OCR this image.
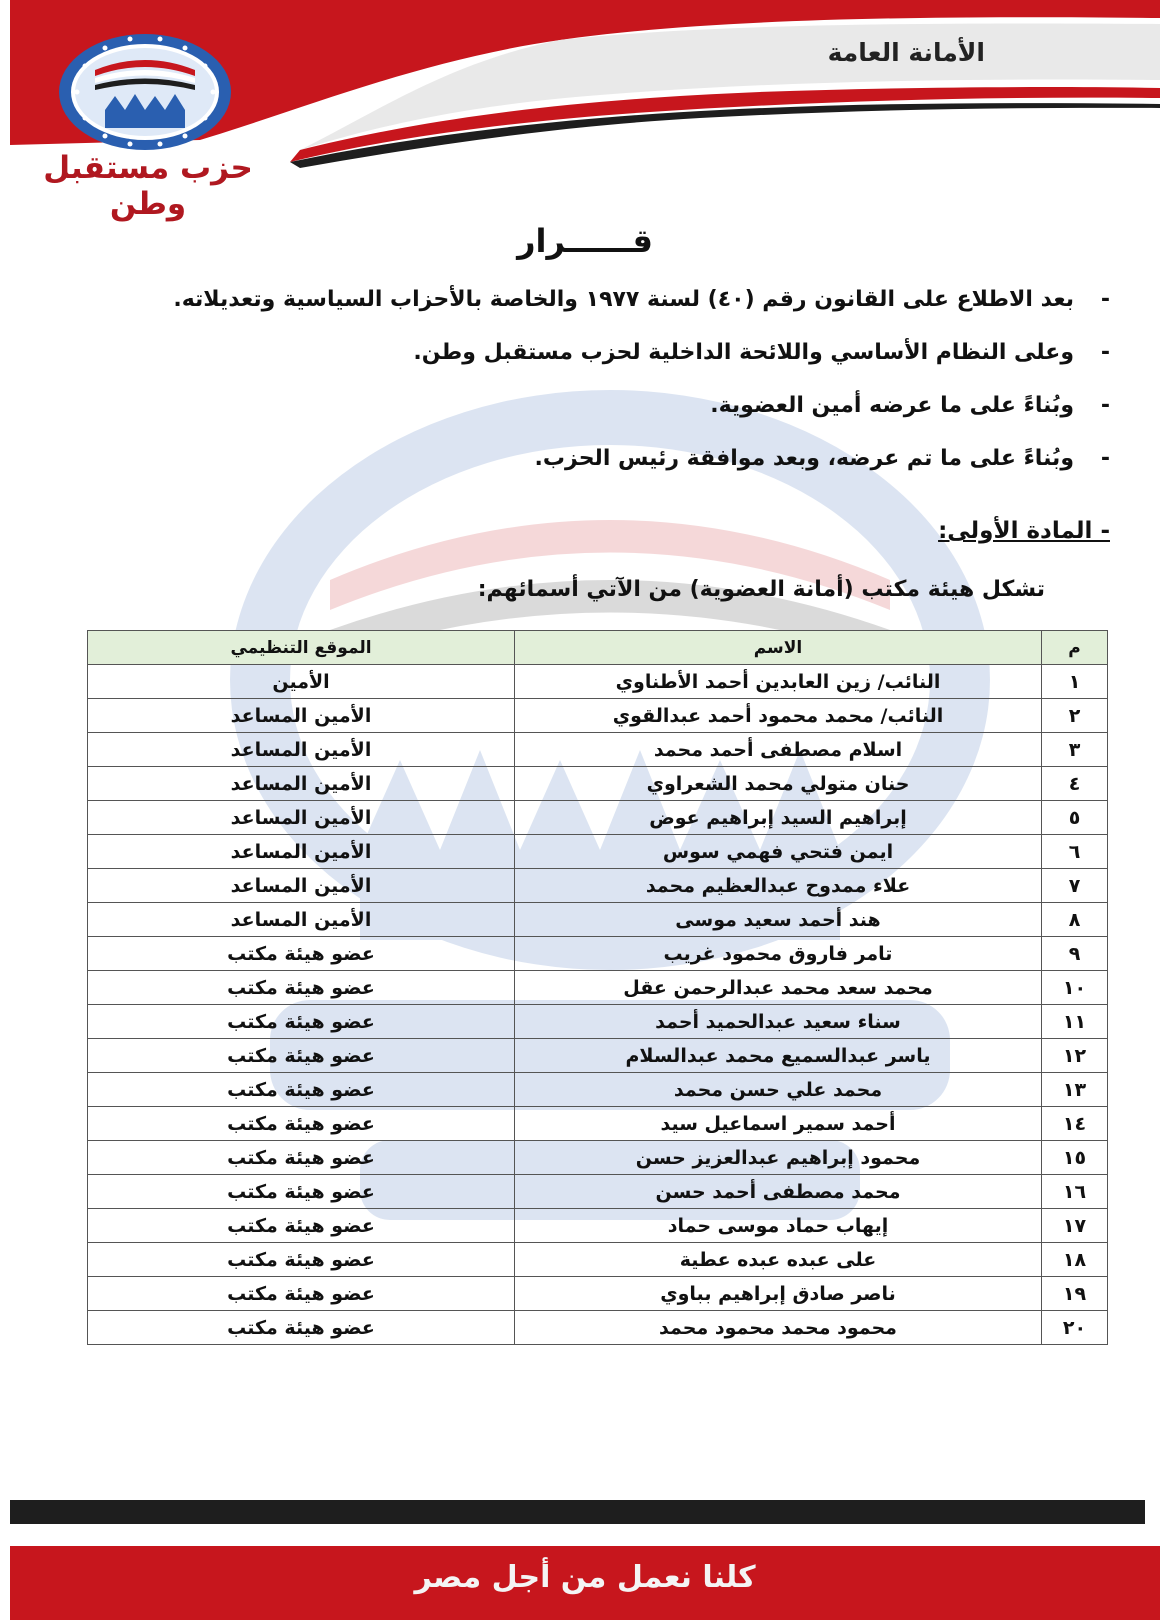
الأمانة العامة
حزب مستقبل وطن
قــــــرار
-بعد الاطلاع على القانون رقم (٤٠) لسنة ١٩٧٧ والخاصة بالأحزاب السياسية وتعديلاته.
-وعلى النظام الأساسي واللائحة الداخلية لحزب مستقبل وطن.
-وبُناءً على ما عرضه أمين العضوية.
-وبُناءً على ما تم عرضه، وبعد موافقة رئيس الحزب.
- المادة الأولى:
تشكل هيئة مكتب (أمانة العضوية) من الآتي أسمائهم:
م	الاسم	الموقع التنظيمي
١	النائب/ زين العابدين أحمد الأطناوي	الأمين
٢	النائب/ محمد محمود أحمد عبدالقوي	الأمين المساعد
٣	اسلام مصطفى أحمد محمد	الأمين المساعد
٤	حنان متولي محمد الشعراوي	الأمين المساعد
٥	إبراهيم السيد إبراهيم عوض	الأمين المساعد
٦	ايمن فتحي فهمي سوس	الأمين المساعد
٧	علاء ممدوح عبدالعظيم محمد	الأمين المساعد
٨	هند أحمد سعيد موسى	الأمين المساعد
٩	تامر فاروق محمود غريب	عضو هيئة مكتب
١٠	محمد سعد محمد عبدالرحمن عقل	عضو هيئة مكتب
١١	سناء سعيد عبدالحميد أحمد	عضو هيئة مكتب
١٢	ياسر عبدالسميع محمد عبدالسلام	عضو هيئة مكتب
١٣	محمد علي حسن محمد	عضو هيئة مكتب
١٤	أحمد سمير اسماعيل سيد	عضو هيئة مكتب
١٥	محمود إبراهيم عبدالعزيز حسن	عضو هيئة مكتب
١٦	محمد مصطفى أحمد حسن	عضو هيئة مكتب
١٧	إيهاب حماد موسى حماد	عضو هيئة مكتب
١٨	على عبده عبده عطية	عضو هيئة مكتب
١٩	ناصر صادق إبراهيم بباوي	عضو هيئة مكتب
٢٠	محمود محمد محمود محمد	عضو هيئة مكتب
كلنا نعمل من أجل مصر
